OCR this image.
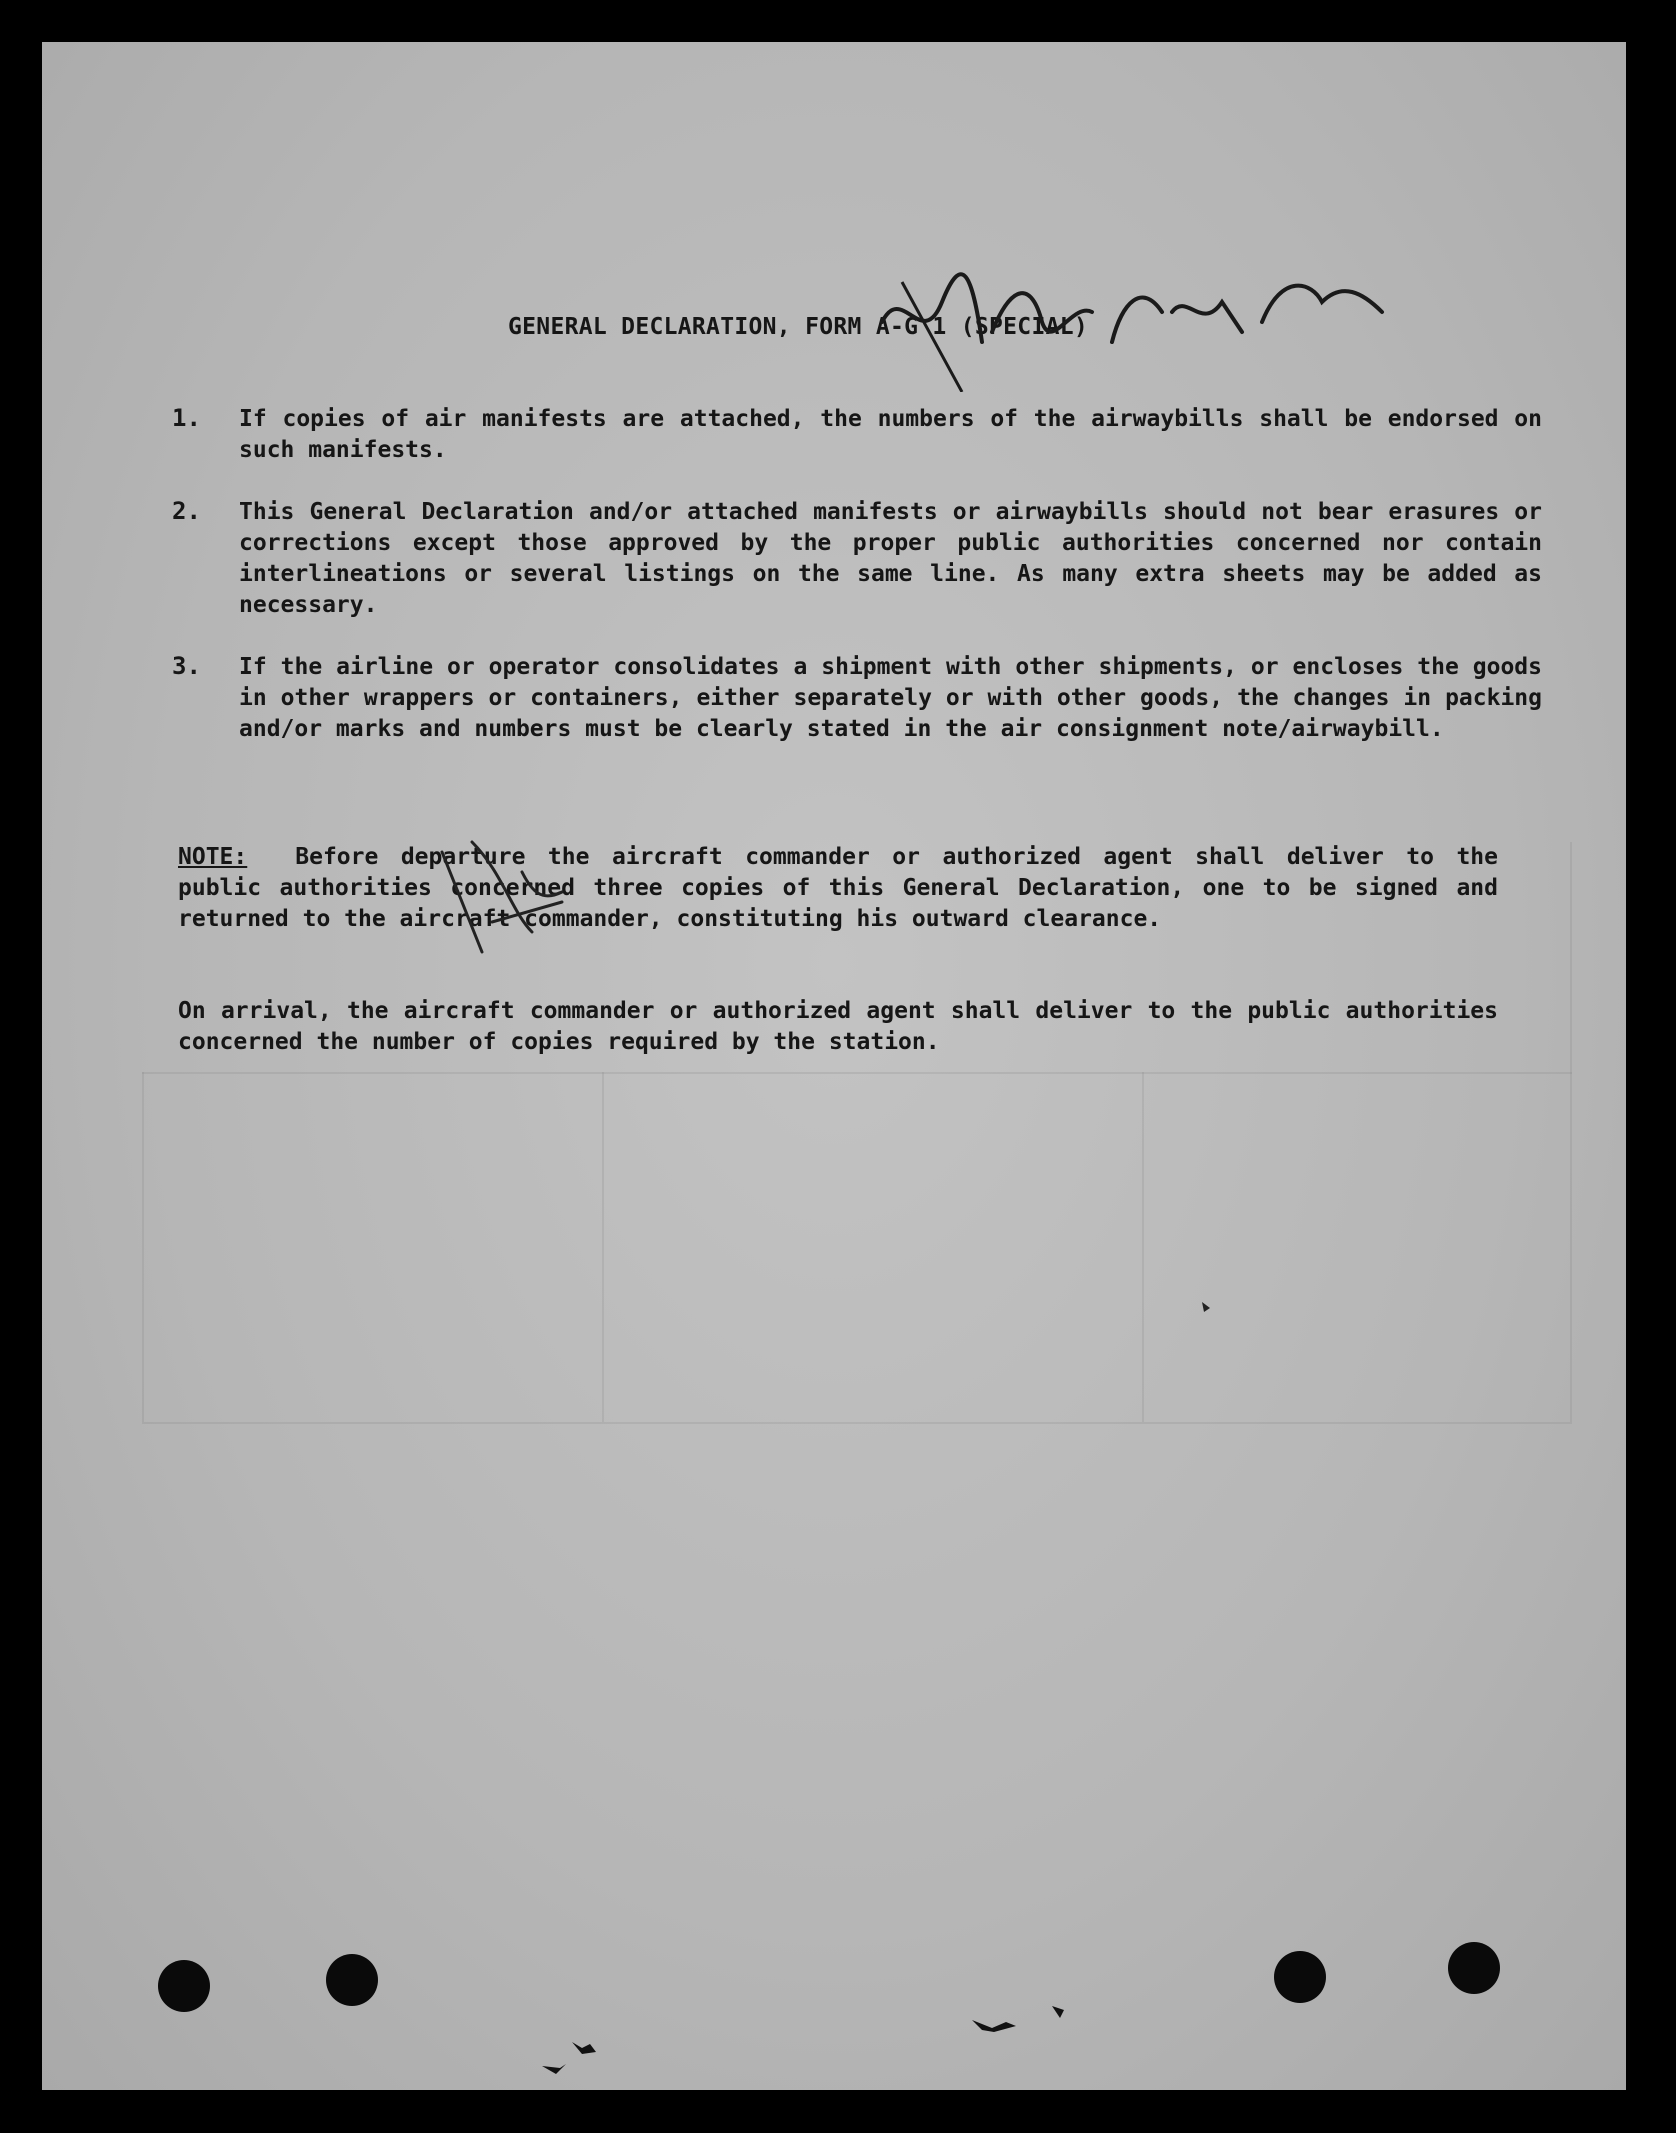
GENERAL DECLARATION, FORM A-G 1 (SPECIAL)
1. If copies of air manifests are attached, the numbers of the airwaybills shall be endorsed on such manifests.
2. This General Declaration and/or attached manifests or airwaybills should not bear erasures or corrections except those approved by the proper public authorities concerned nor contain interlineations or several listings on the same line. As many extra sheets may be added as necessary.
3. If the airline or operator consolidates a shipment with other shipments, or encloses the goods in other wrappers or containers, either separately or with other goods, the changes in packing and/or marks and numbers must be clearly stated in the air consignment note/airwaybill.
NOTE: Before departure the aircraft commander or authorized agent shall deliver to the public authorities concerned three copies of this General Declaration, one to be signed and returned to the aircraft commander, constituting his outward clearance.
On arrival, the aircraft commander or authorized agent shall deliver to the public authorities concerned the number of copies required by the station.
